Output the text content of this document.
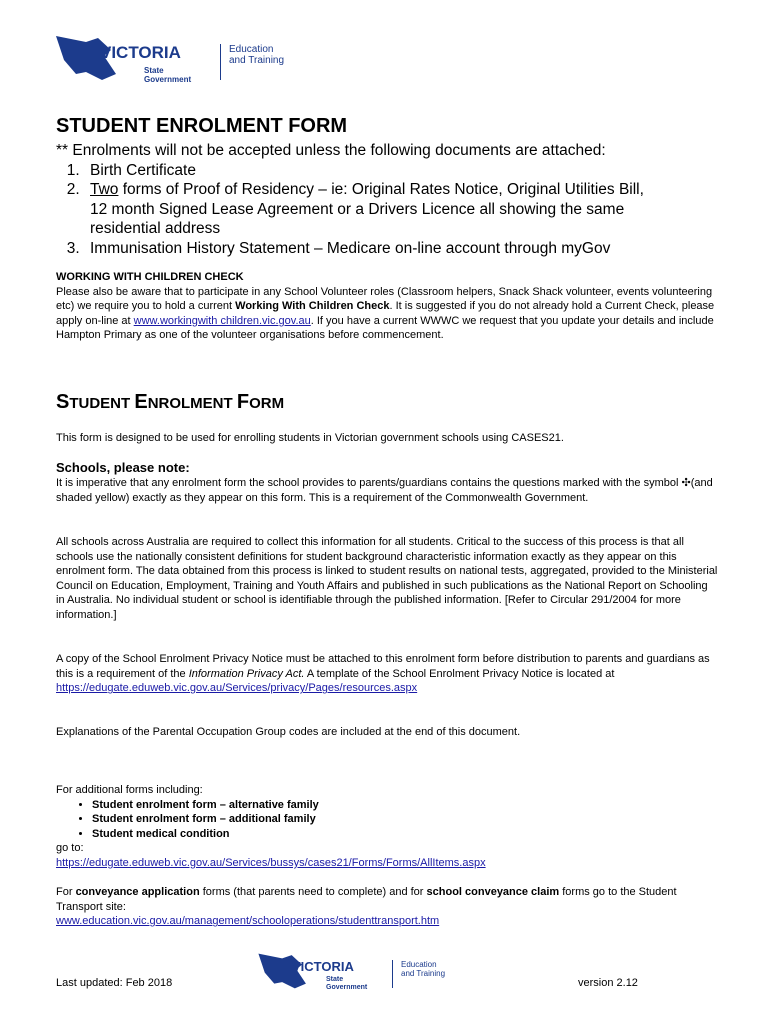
VICTORIA
State
Government
Education
and Training
STUDENT ENROLMENT FORM
** Enrolments will not be accepted unless the following documents are attached:
1. Birth Certificate
2. Two forms of Proof of Residency – ie: Original Rates Notice, Original Utilities Bill, 12 month Signed Lease Agreement or a Drivers Licence all showing the same residential address
3. Immunisation History Statement – Medicare on-line account through myGov
WORKING WITH CHILDREN CHECK
Please also be aware that to participate in any School Volunteer roles (Classroom helpers, Snack Shack volunteer, events volunteering etc) we require you to hold a current Working With Children Check. It is suggested if you do not already hold a Current Check, please apply on-line at www.workingwith children.vic.gov.au. If you have a current WWWC we request that you update your details and include Hampton Primary as one of the volunteer organisations before commencement.
STUDENT ENROLMENT FORM
This form is designed to be used for enrolling students in Victorian government schools using CASES21.
Schools, please note:
It is imperative that any enrolment form the school provides to parents/guardians contains the questions marked with the symbol ✣(and shaded yellow) exactly as they appear on this form. This is a requirement of the Commonwealth Government.
All schools across Australia are required to collect this information for all students. Critical to the success of this process is that all schools use the nationally consistent definitions for student background characteristic information exactly as they appear on this enrolment form. The data obtained from this process is linked to student results on national tests, aggregated, provided to the Ministerial Council on Education, Employment, Training and Youth Affairs and published in such publications as the National Report on Schooling in Australia. No individual student or school is identifiable through the published information. [Refer to Circular 291/2004 for more information.]
A copy of the School Enrolment Privacy Notice must be attached to this enrolment form before distribution to parents and guardians as this is a requirement of the Information Privacy Act. A template of the School Enrolment Privacy Notice is located at https://edugate.eduweb.vic.gov.au/Services/privacy/Pages/resources.aspx
Explanations of the Parental Occupation Group codes are included at the end of this document.
For additional forms including:
• Student enrolment form – alternative family
• Student enrolment form – additional family
• Student medical condition
go to:
https://edugate.eduweb.vic.gov.au/Services/bussys/cases21/Forms/Forms/AllItems.aspx
For conveyance application forms (that parents need to complete) and for school conveyance claim forms go to the Student Transport site:
www.education.vic.gov.au/management/schooloperations/studenttransport.htm
VICTORIA
State
Government
Education
and Training
Last updated: Feb 2018	version 2.12
